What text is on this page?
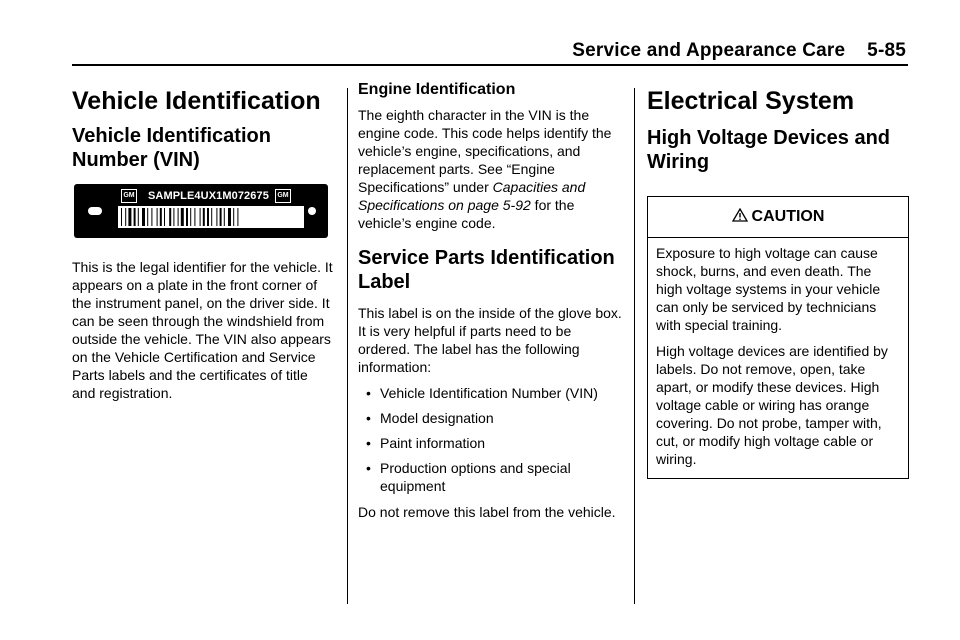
Service and Appearance Care 5-85
Vehicle Identification
Vehicle Identification Number (VIN)
GM SAMPLE4UX1M072675	GM

This is the legal identifier for the vehicle. It appears on a plate in the front corner of the instrument panel, on the driver side. It can be seen through the windshield from outside the vehicle. The VIN also appears on the Vehicle Certification and Service Parts labels and the certificates of title and registration.

Engine Identification

The eighth character in the VIN is the engine code. This code helps identify the vehicle’s engine, specifications, and replacement parts. See “Engine Specifications” under Capacities and Specifications on page 5‑92 for the vehicle’s engine code.

Service Parts Identification Label

This label is on the inside of the glove box. It is very helpful if parts need to be ordered. The label has the following information:

• Vehicle Identification Number (VIN)
• Model designation
• Paint information
• Production options and special equipment

Do not remove this label from the vehicle.

Electrical System
High Voltage Devices and Wiring
CAUTION

Exposure to high voltage can cause shock, burns, and even death. The high voltage systems in your vehicle can only be serviced by technicians with special training.

High voltage devices are identified by labels. Do not remove, open, take apart, or modify these devices. High voltage cable or wiring has orange covering. Do not probe, tamper with, cut, or modify high voltage cable or wiring.
